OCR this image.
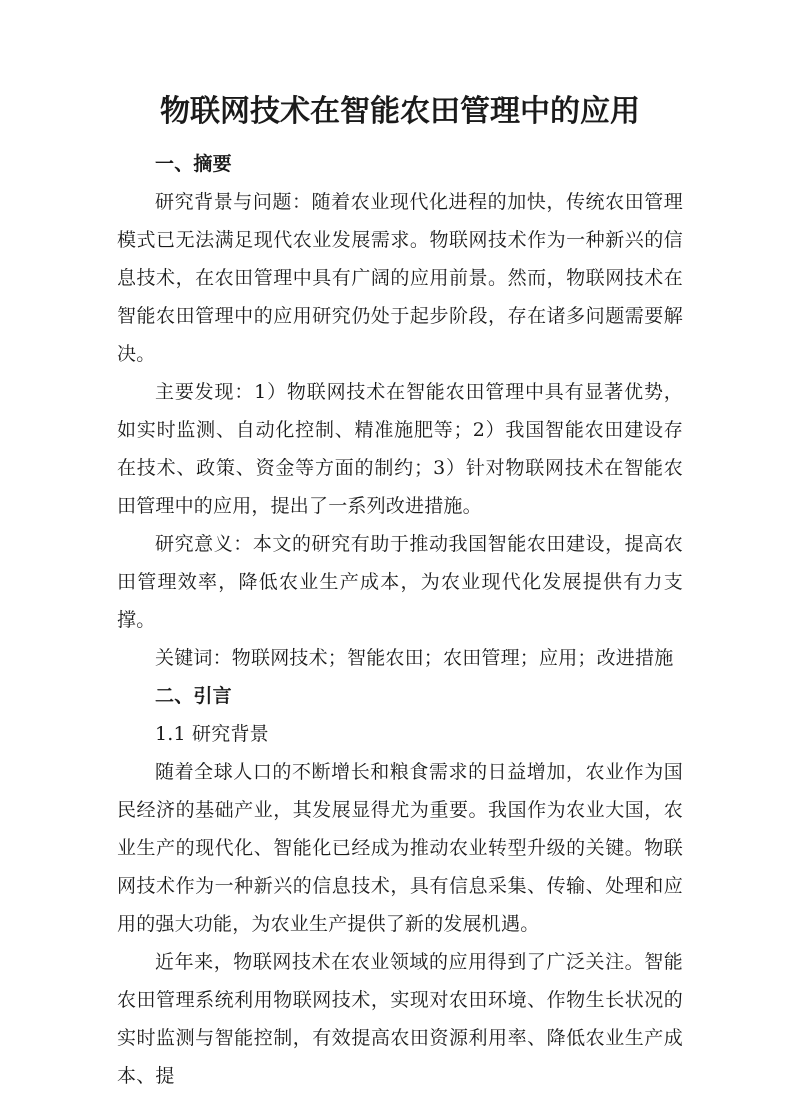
物联网技术在智能农田管理中的应用
一、摘要

研究背景与问题：随着农业现代化进程的加快，传统农田管理模式已无法满足现代农业发展需求。物联网技术作为一种新兴的信息技术，在农田管理中具有广阔的应用前景。然而，物联网技术在智能农田管理中的应用研究仍处于起步阶段，存在诸多问题需要解决。

主要发现：1）物联网技术在智能农田管理中具有显著优势，如实时监测、自动化控制、精准施肥等；2）我国智能农田建设存在技术、政策、资金等方面的制约；3）针对物联网技术在智能农田管理中的应用，提出了一系列改进措施。

研究意义：本文的研究有助于推动我国智能农田建设，提高农田管理效率，降低农业生产成本，为农业现代化发展提供有力支撑。

关键词：物联网技术；智能农田；农田管理；应用；改进措施

二、引言
1.1 研究背景

随着全球人口的不断增长和粮食需求的日益增加，农业作为国民经济的基础产业，其发展显得尤为重要。我国作为农业大国，农业生产的现代化、智能化已经成为推动农业转型升级的关键。物联网技术作为一种新兴的信息技术，具有信息采集、传输、处理和应用的强大功能，为农业生产提供了新的发展机遇。

近年来，物联网技术在农业领域的应用得到了广泛关注。智能农田管理系统利用物联网技术，实现对农田环境、作物生长状况的实时监测与智能控制，有效提高农田资源利用率、降低农业生产成本、提
